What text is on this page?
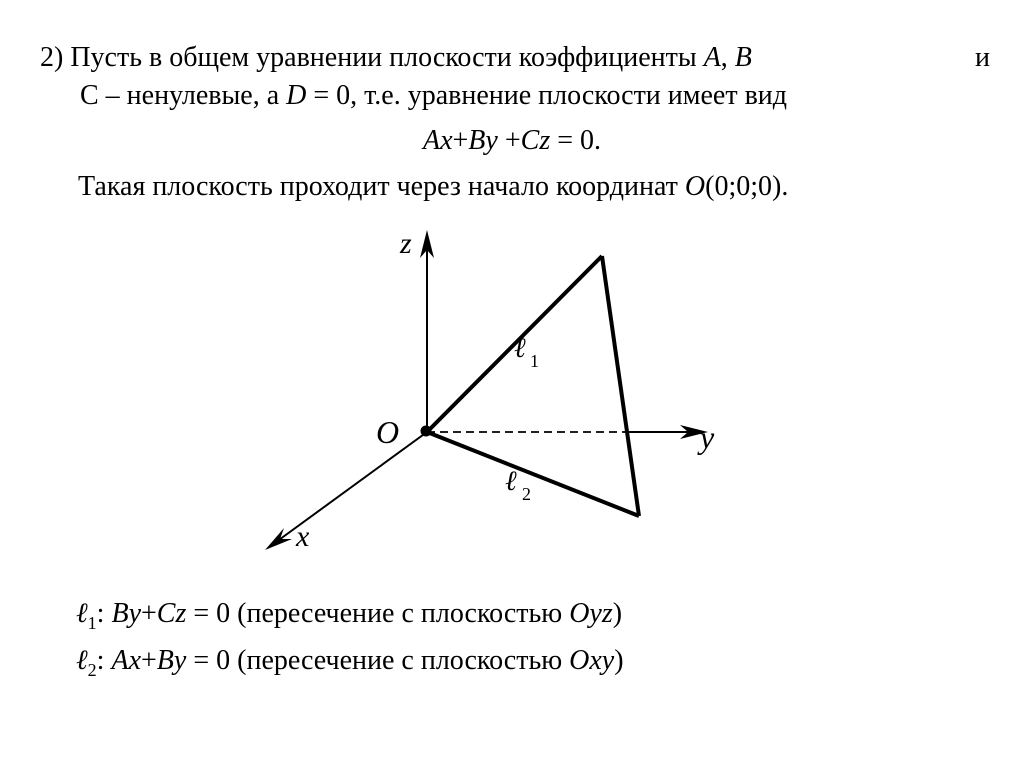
2) Пусть в общем уравнении плоскости коэффициенты A, B	и
С – ненулевые, а D = 0, т.е. уравнение плоскости имеет вид
Ax+By +Cz = 0.
Такая плоскость проходит через начало координат O(0;0;0).
z
y
x
O
ℓ 1
ℓ 2
ℓ$_1$: By+Cz = 0 (пересечение с плоскостью Oyz)
ℓ$_2$: Ax+By = 0 (пересечение с плоскостью Oxy)
